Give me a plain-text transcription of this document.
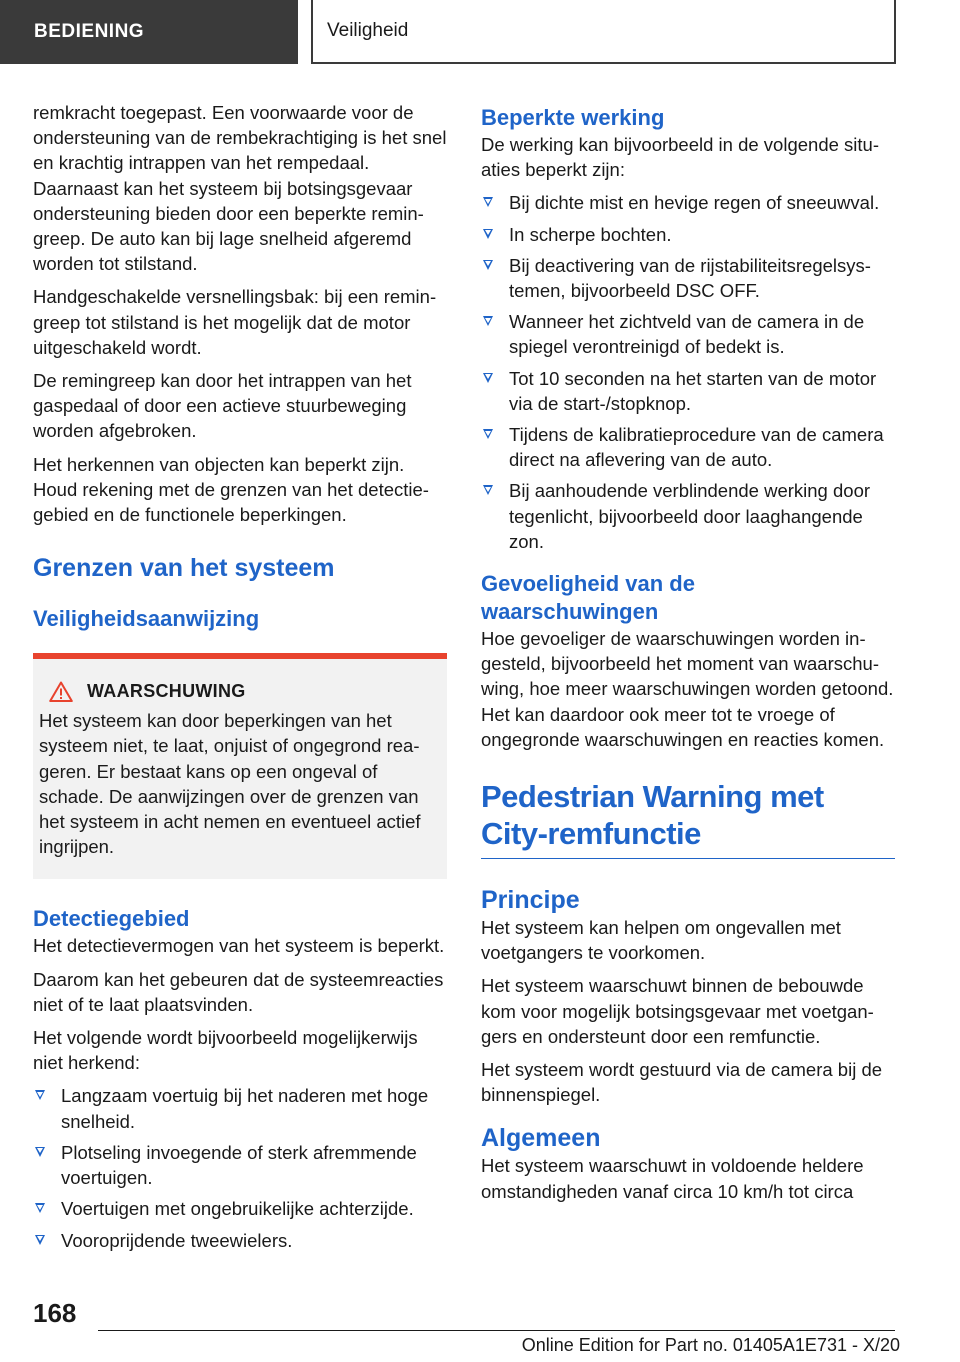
BEDIENING	Veiligheid

remkracht toegepast. Een voorwaarde voor de ondersteuning van de rembekrachtiging is het snel en krachtig intrappen van het rempedaal. Daarnaast kan het systeem bij botsingsgevaar ondersteuning bieden door een beperkte remingreep. De auto kan bij lage snelheid afgeremd worden tot stilstand.

Handgeschakelde versnellingsbak: bij een remingreep tot stilstand is het mogelijk dat de motor uitgeschakeld wordt.

De remingreep kan door het intrappen van het gaspedaal of door een actieve stuurbeweging worden afgebroken.

Het herkennen van objecten kan beperkt zijn. Houd rekening met de grenzen van het detectiegebied en de functionele beperkingen.

Grenzen van het systeem
Veiligheidsaanwijzing
WAARSCHUWING

Het systeem kan door beperkingen van het systeem niet, te laat, onjuist of ongegrond reageren. Er bestaat kans op een ongeval of schade. De aanwijzingen over de grenzen van het systeem in acht nemen en eventueel actief ingrijpen.

Detectiegebied

Het detectievermogen van het systeem is beperkt.

Daarom kan het gebeuren dat de systeemreacties niet of te laat plaatsvinden.

Het volgende wordt bijvoorbeeld mogelijkerwijs niet herkend:

Langzaam voertuig bij het naderen met hoge snelheid.
Plotseling invoegende of sterk afremmende voertuigen.
Voertuigen met ongebruikelijke achterzijde.
Vooroprijdende tweewielers.
Beperkte werking

De werking kan bijvoorbeeld in de volgende situaties beperkt zijn:

Bij dichte mist en hevige regen of sneeuwval.
In scherpe bochten.
Bij deactivering van de rijstabiliteitsregelsystemen, bijvoorbeeld DSC OFF.
Wanneer het zichtveld van de camera in de spiegel verontreinigd of bedekt is.
Tot 10 seconden na het starten van de motor via de start-/stopknop.
Tijdens de kalibratieprocedure van de camera direct na aflevering van de auto.
Bij aanhoudende verblindende werking door tegenlicht, bijvoorbeeld door laaghangende zon.
Gevoeligheid van de waarschuwingen

Hoe gevoeliger de waarschuwingen worden ingesteld, bijvoorbeeld het moment van waarschuwing, hoe meer waarschuwingen worden getoond. Het kan daardoor ook meer tot te vroege of ongegronde waarschuwingen en reacties komen.

Pedestrian Warning met City-remfunctie
Principe

Het systeem kan helpen om ongevallen met voetgangers te voorkomen.

Het systeem waarschuwt binnen de bebouwde kom voor mogelijk botsingsgevaar met voetgangers en ondersteunt door een remfunctie.

Het systeem wordt gestuurd via de camera bij de binnenspiegel.

Algemeen

Het systeem waarschuwt in voldoende heldere omstandigheden vanaf circa 10 km/h tot circa

168
Online Edition for Part no. 01405A1E731 - X/20
